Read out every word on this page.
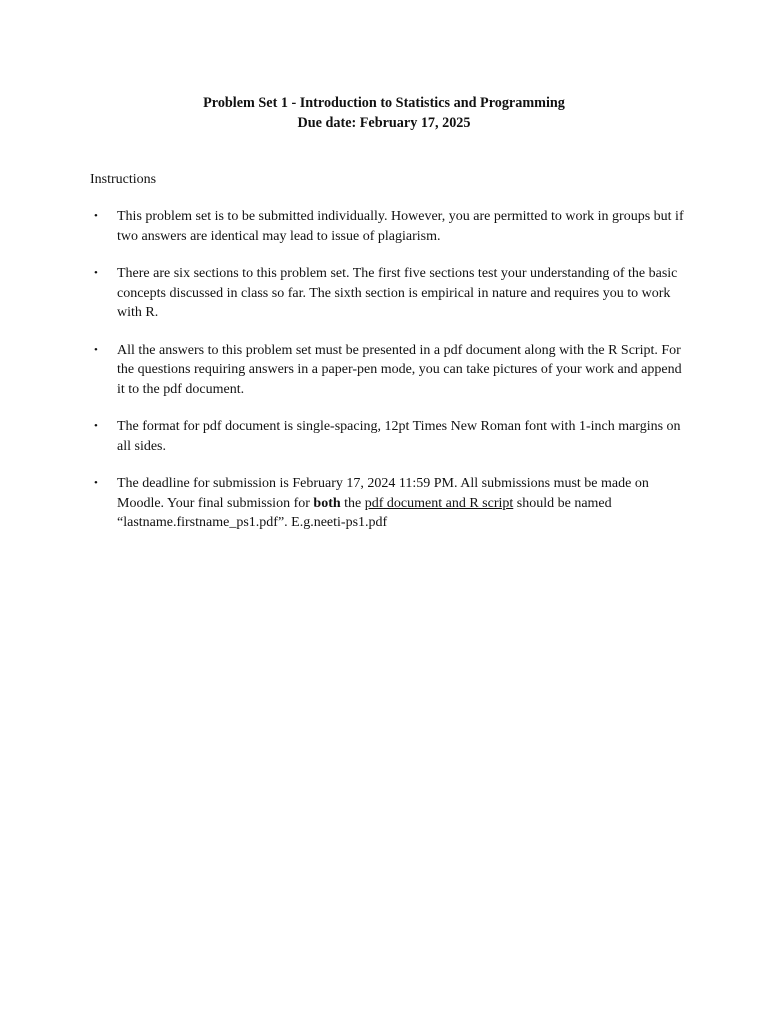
Problem Set 1 - Introduction to Statistics and Programming
Due date: February 17, 2025
Instructions
• This problem set is to be submitted individually. However, you are permitted to work in groups but if two answers are identical may lead to issue of plagiarism.
• There are six sections to this problem set. The first five sections test your understanding of the basic concepts discussed in class so far. The sixth section is empirical in nature and requires you to work with R.
• All the answers to this problem set must be presented in a pdf document along with the R Script. For the questions requiring answers in a paper-pen mode, you can take pictures of your work and append it to the pdf document.
• The format for pdf document is single-spacing, 12pt Times New Roman font with 1-inch margins on all sides.
• The deadline for submission is February 17, 2024 11:59 PM. All submissions must be made on Moodle. Your final submission for both the pdf document and R script should be named “lastname.firstname_ps1.pdf”. E.g.neeti-ps1.pdf
